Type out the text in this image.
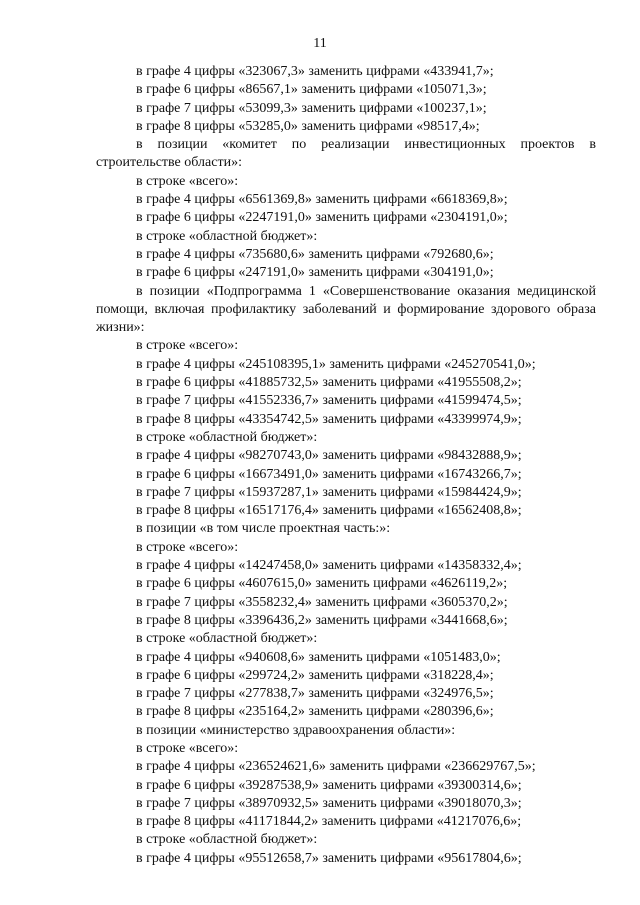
11
в графе 4 цифры «323067,3» заменить цифрами «433941,7»;
в графе 6 цифры «86567,1» заменить цифрами «105071,3»;
в графе 7 цифры «53099,3» заменить цифрами «100237,1»;
в графе 8 цифры «53285,0» заменить цифрами «98517,4»;
в позиции «комитет по реализации инвестиционных проектов в строительстве области»:
в строке «всего»:
в графе 4 цифры «6561369,8» заменить цифрами «6618369,8»;
в графе 6 цифры «2247191,0» заменить цифрами «2304191,0»;
в строке «областной бюджет»:
в графе 4 цифры «735680,6» заменить цифрами «792680,6»;
в графе 6 цифры «247191,0» заменить цифрами «304191,0»;
в позиции «Подпрограмма 1 «Совершенствование оказания медицинской помощи, включая профилактику заболеваний и формирование здорового образа жизни»:
в строке «всего»:
в графе 4 цифры «245108395,1» заменить цифрами «245270541,0»;
в графе 6 цифры «41885732,5» заменить цифрами «41955508,2»;
в графе 7 цифры «41552336,7» заменить цифрами «41599474,5»;
в графе 8 цифры «43354742,5» заменить цифрами «43399974,9»;
в строке «областной бюджет»:
в графе 4 цифры «98270743,0» заменить цифрами «98432888,9»;
в графе 6 цифры «16673491,0» заменить цифрами «16743266,7»;
в графе 7 цифры «15937287,1» заменить цифрами «15984424,9»;
в графе 8 цифры «16517176,4» заменить цифрами «16562408,8»;
в позиции «в том числе проектная часть:»:
в строке «всего»:
в графе 4 цифры «14247458,0» заменить цифрами «14358332,4»;
в графе 6 цифры «4607615,0» заменить цифрами «4626119,2»;
в графе 7 цифры «3558232,4» заменить цифрами «3605370,2»;
в графе 8 цифры «3396436,2» заменить цифрами «3441668,6»;
в строке «областной бюджет»:
в графе 4 цифры «940608,6» заменить цифрами «1051483,0»;
в графе 6 цифры «299724,2» заменить цифрами «318228,4»;
в графе 7 цифры «277838,7» заменить цифрами «324976,5»;
в графе 8 цифры «235164,2» заменить цифрами «280396,6»;
в позиции «министерство здравоохранения области»:
в строке «всего»:
в графе 4 цифры «236524621,6» заменить цифрами «236629767,5»;
в графе 6 цифры «39287538,9» заменить цифрами «39300314,6»;
в графе 7 цифры «38970932,5» заменить цифрами «39018070,3»;
в графе 8 цифры «41171844,2» заменить цифрами «41217076,6»;
в строке «областной бюджет»:
в графе 4 цифры «95512658,7» заменить цифрами «95617804,6»;
